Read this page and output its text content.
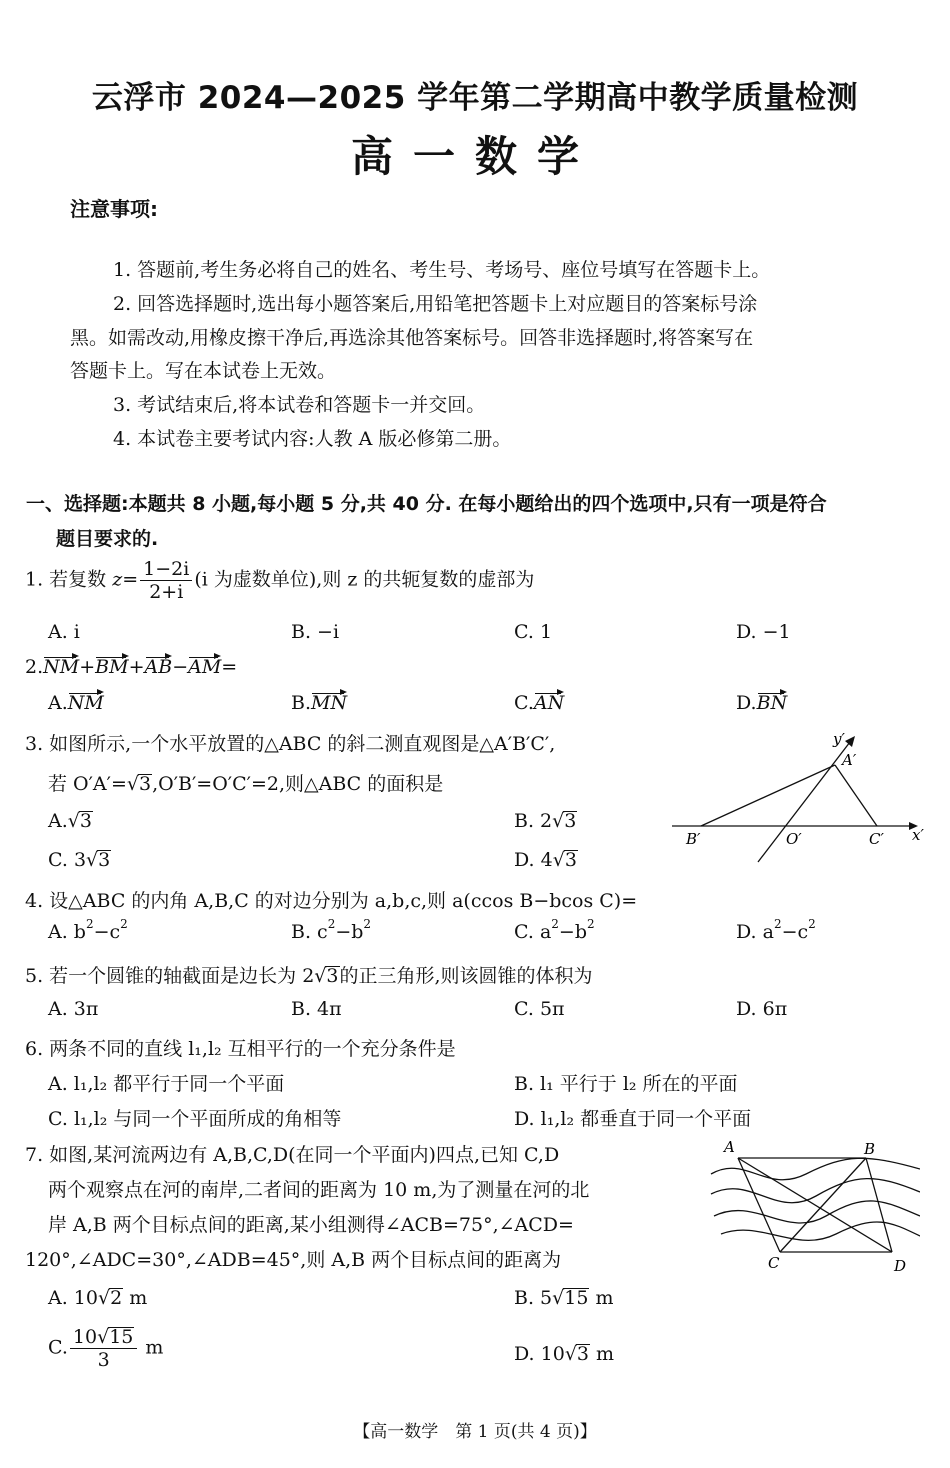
云浮市 2024—2025 学年第二学期高中教学质量检测
高一数学
注意事项:
1. 答题前,考生务必将自己的姓名、考生号、考场号、座位号填写在答题卡上。
2. 回答选择题时,选出每小题答案后,用铅笔把答题卡上对应题目的答案标号涂
黑。如需改动,用橡皮擦干净后,再选涂其他答案标号。回答非选择题时,将答案写在
答题卡上。写在本试卷上无效。
3. 考试结束后,将本试卷和答题卡一并交回。
4. 本试卷主要考试内容:人教 A 版必修第二册。
一、选择题:本题共 8 小题,每小题 5 分,共 40 分. 在每小题给出的四个选项中,只有一项是符合
题目要求的.
1. 若复数 $z= \frac{1-2i}{2+i} (i$ 为虚数单位),则 z 的共轭复数的虚部为
A. i	B. −i	C. 1	D. −1
2.NM+BM+AB−AM=
A.NM	B.MN	C.AN	D.BN
3. 如图所示,一个水平放置的△ABC 的斜二测直观图是△A′B′C′,
若 O′A′=√3,O′B′=O′C′=2,则△ABC 的面积是
A.√3	B. 2√3
C. 3√3	D. 4√3
y′
A′
B′	O′	C′ x′
4. 设△ABC 的内角 A,B,C 的对边分别为 a,b,c,则 a(ccos B−bcos C)=
A. $b^2-c^2$	B. $c^2-b^2$	C. $a^2-b^2$	D. $a^2-c^2$
5. 若一个圆锥的轴截面是边长为 2√3的正三角形,则该圆锥的体积为
A. 3π	B. 4π	C. 5π	D. 6π
6. 两条不同的直线 l₁,l₂ 互相平行的一个充分条件是
A. l₁,l₂ 都平行于同一个平面	B. l₁ 平行于 l₂ 所在的平面
C. l₁,l₂ 与同一个平面所成的角相等	D. l₁,l₂ 都垂直于同一个平面
7. 如图,某河流两边有 A,B,C,D(在同一个平面内)四点,已知 C,D
两个观察点在河的南岸,二者间的距离为 10 m,为了测量在河的北
岸 A,B 两个目标点间的距离,某小组测得∠ACB=75°,∠ACD=
120°,∠ADC=30°,∠ADB=45°,则 A,B 两个目标点间的距离为
A. 10√2 m	B. 5√15 m
C. $\frac{10√15}{3}$ m	D. 10√3 m
A	B
C	D
【高一数学　第 1 页(共 4 页)】
